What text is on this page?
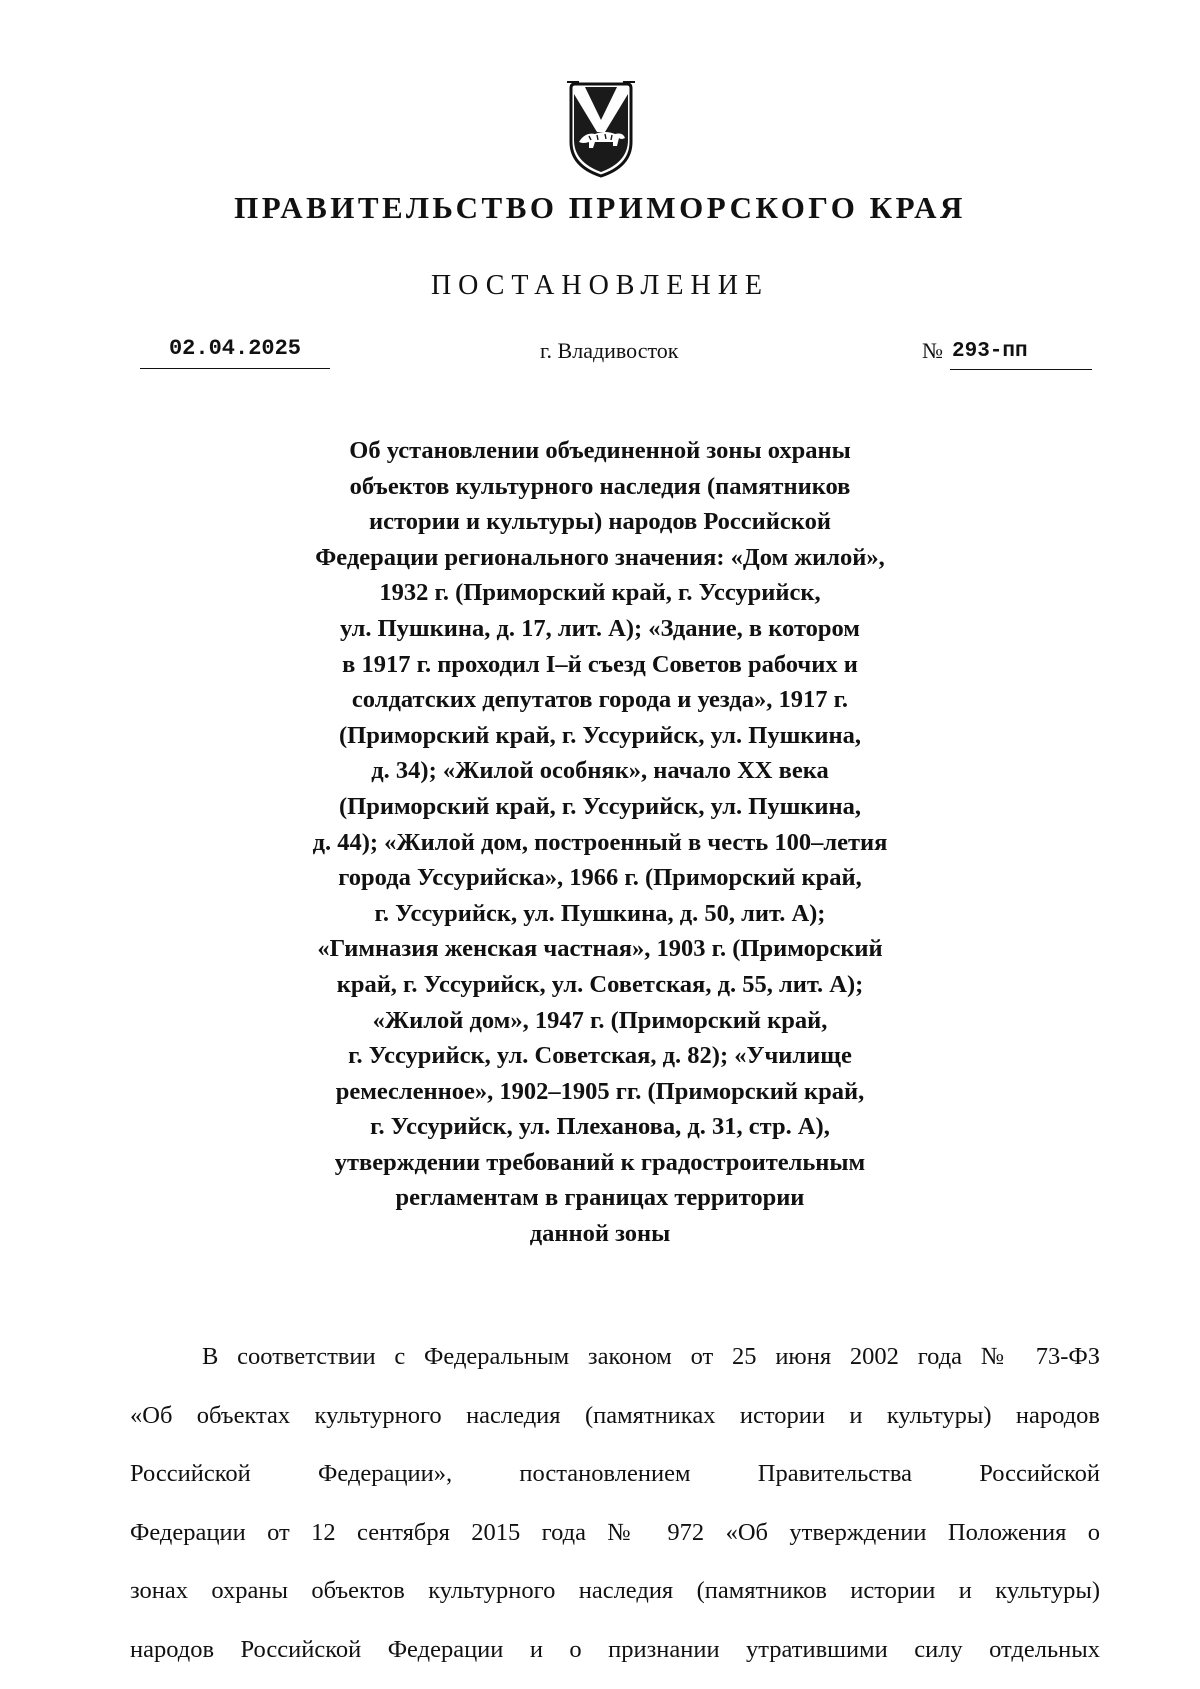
ПРАВИТЕЛЬСТВО ПРИМОРСКОГО КРАЯ
ПОСТАНОВЛЕНИЕ
02.04.2025	г. Владивосток	№ 293-пп
Об установлении объединенной зоны охраны
объектов культурного наследия (памятников
истории и культуры) народов Российской
Федерации регионального значения: «Дом жилой»,
1932 г. (Приморский край, г. Уссурийск,
ул. Пушкина, д. 17, лит. А); «Здание, в котором
в 1917 г. проходил I–й съезд Советов рабочих и
солдатских депутатов города и уезда», 1917 г.
(Приморский край, г. Уссурийск, ул. Пушкина,
д. 34); «Жилой особняк», начало XX века
(Приморский край, г. Уссурийск, ул. Пушкина,
д. 44); «Жилой дом, построенный в честь 100–летия
города Уссурийска», 1966 г. (Приморский край,
г. Уссурийск, ул. Пушкина, д. 50, лит. А);
«Гимназия женская частная», 1903 г. (Приморский
край, г. Уссурийск, ул. Советская, д. 55, лит. А);
«Жилой дом», 1947 г. (Приморский край,
г. Уссурийск, ул. Советская, д. 82); «Училище
ремесленное», 1902–1905 гг. (Приморский край,
г. Уссурийск, ул. Плеханова, д. 31, стр. А),
утверждении требований к градостроительным
регламентам в границах территории
данной зоны
В соответствии с Федеральным законом от 25 июня 2002 года № 73-ФЗ
«Об объектах культурного наследия (памятниках истории и культуры) народов
Российской Федерации», постановлением Правительства Российской
Федерации от 12 сентября 2015 года № 972 «Об утверждении Положения о
зонах охраны объектов культурного наследия (памятников истории и культуры)
народов Российской Федерации и о признании утратившими силу отдельных
